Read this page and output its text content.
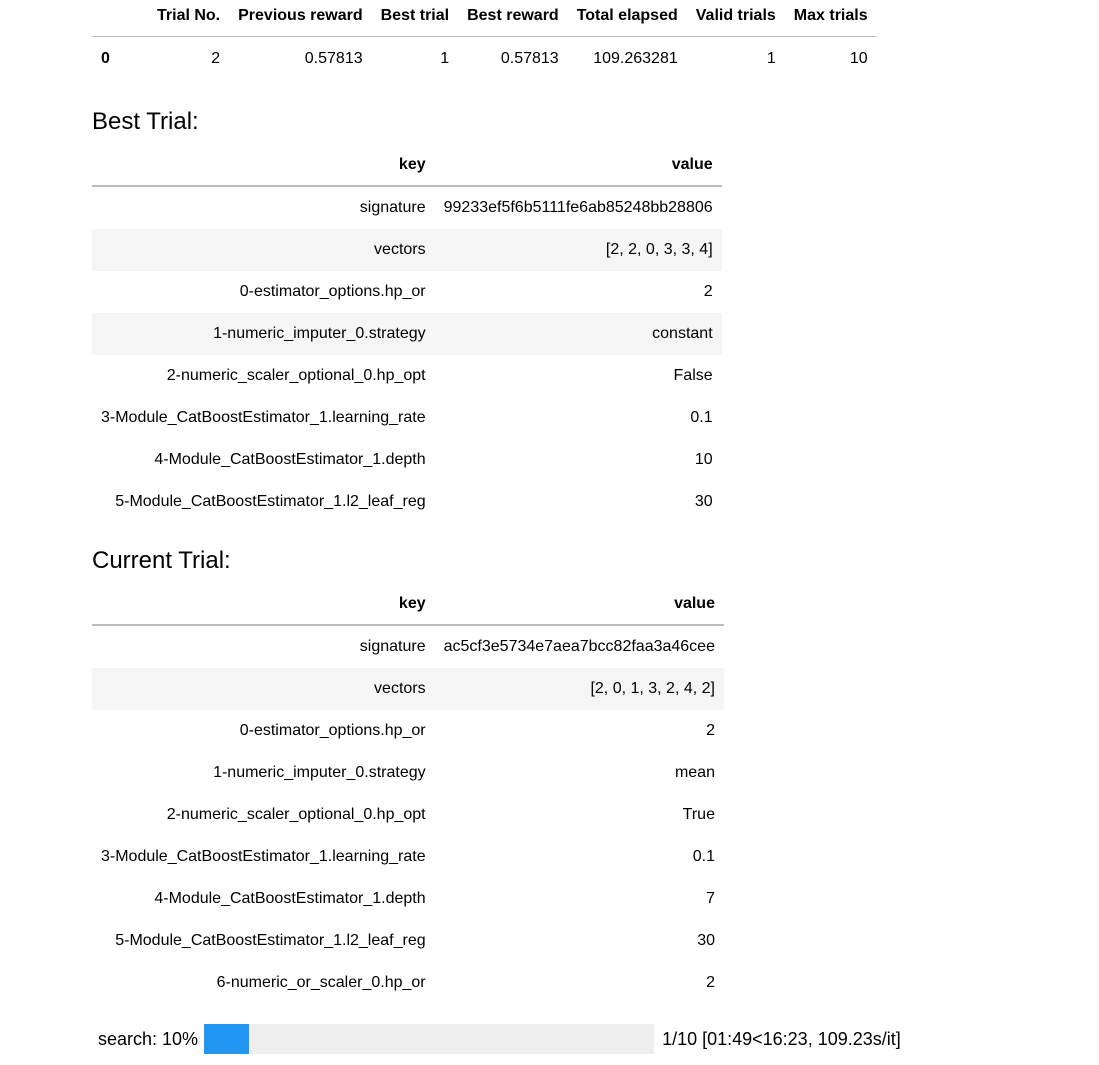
	Trial No.	Previous reward	Best trial	Best reward	Total elapsed	Valid trials	Max trials
0	2	0.57813	1	0.57813	109.263281	1	10
Best Trial:
key	value
signature	99233ef5f6b5111fe6ab85248bb28806
vectors	[2, 2, 0, 3, 3, 4]
0-estimator_options.hp_or	2
1-numeric_imputer_0.strategy	constant
2-numeric_scaler_optional_0.hp_opt	False
3-Module_CatBoostEstimator_1.learning_rate	0.1
4-Module_CatBoostEstimator_1.depth	10
5-Module_CatBoostEstimator_1.l2_leaf_reg	30
Current Trial:
key	value
signature	ac5cf3e5734e7aea7bcc82faa3a46cee
vectors	[2, 0, 1, 3, 2, 4, 2]
0-estimator_options.hp_or	2
1-numeric_imputer_0.strategy	mean
2-numeric_scaler_optional_0.hp_opt	True
3-Module_CatBoostEstimator_1.learning_rate	0.1
4-Module_CatBoostEstimator_1.depth	7
5-Module_CatBoostEstimator_1.l2_leaf_reg	30
6-numeric_or_scaler_0.hp_or	2
search: 10%	1/10 [01:49<16:23, 109.23s/it]
